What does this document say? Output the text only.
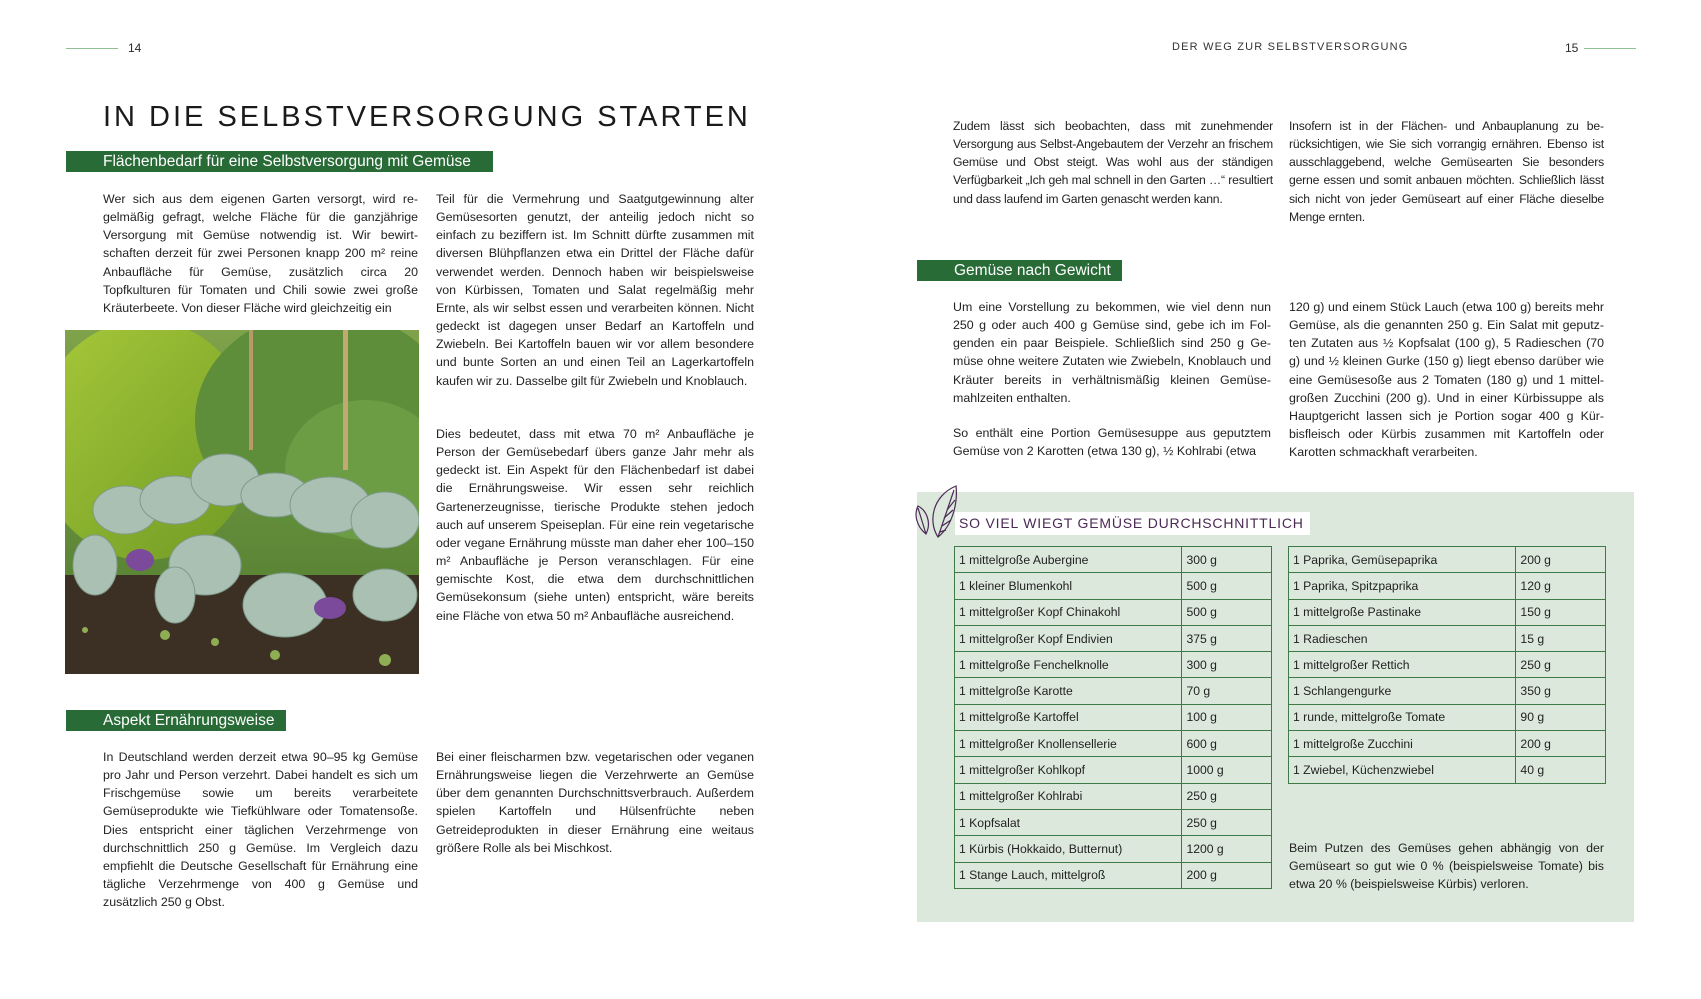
14
IN DIE SELBSTVERSORGUNG STARTEN
Flächenbedarf für eine Selbstversorgung mit Gemüse

Wer sich aus dem eigenen Garten versorgt, wird regelmäßig gefragt, welche Fläche für die ganzjährige Versorgung mit Gemüse notwendig ist. Wir bewirtschaften derzeit für zwei Personen knapp 200 m² reine Anbaufläche für Gemüse, zusätzlich circa 20 Topfkulturen für Tomaten und Chili sowie zwei große Kräuterbeete. Von dieser Fläche wird gleichzeitig ein

Teil für die Vermehrung und Saatgutgewinnung alter Gemüsesorten genutzt, der anteilig jedoch nicht so einfach zu beziffern ist. Im Schnitt dürfte zusammen mit diversen Blühpflanzen etwa ein Drittel der Fläche dafür verwendet werden. Dennoch haben wir beispielsweise von Kürbissen, Tomaten und Salat regelmäßig mehr Ernte, als wir selbst essen und verarbeiten können. Nicht gedeckt ist dagegen unser Bedarf an Kartoffeln und Zwiebeln. Bei Kartoffeln bauen wir vor allem besondere und bunte Sorten an und einen Teil an Lagerkartoffeln kaufen wir zu. Dasselbe gilt für Zwiebeln und Knoblauch.

Dies bedeutet, dass mit etwa 70 m² Anbaufläche je Person der Gemüsebedarf übers ganze Jahr mehr als gedeckt ist. Ein Aspekt für den Flächenbedarf ist dabei die Ernährungsweise. Wir essen sehr reichlich Gartenerzeugnisse, tierische Produkte stehen jedoch auch auf unserem Speiseplan. Für eine rein vegetarische oder vegane Ernährung müsste man daher eher 100–150 m² Anbaufläche je Person veranschlagen. Für eine gemischte Kost, die etwa dem durchschnittlichen Gemüsekonsum (siehe unten) entspricht, wäre bereits eine Fläche von etwa 50 m² Anbaufläche ausreichend.

Aspekt Ernährungsweise

In Deutschland werden derzeit etwa 90–95 kg Gemüse pro Jahr und Person verzehrt. Dabei handelt es sich um Frischgemüse sowie um bereits verarbeitete Gemüseprodukte wie Tiefkühlware oder Tomatensoße. Dies entspricht einer täglichen Verzehrmenge von durchschnittlich 250 g Gemüse. Im Vergleich dazu empfiehlt die Deutsche Gesellschaft für Ernährung eine tägliche Verzehrmenge von 400 g Gemüse und zusätzlich 250 g Obst.

Bei einer fleischarmen bzw. vegetarischen oder veganen Ernährungsweise liegen die Verzehrwerte an Gemüse über dem genannten Durchschnittsverbrauch. Außerdem spielen Kartoffeln und Hülsenfrüchte neben Getreideprodukten in dieser Ernährung eine weitaus größere Rolle als bei Mischkost.

DER WEG ZUR SELBSTVERSORGUNG	15

Zudem lässt sich beobachten, dass mit zunehmender Versorgung aus Selbst-Angebautem der Verzehr an frischem Gemüse und Obst steigt. Was wohl aus der ständigen Verfügbarkeit „Ich geh mal schnell in den Garten …“ resultiert und dass laufend im Garten genascht werden kann.

Insofern ist in der Flächen- und Anbauplanung zu berücksichtigen, wie Sie sich vorrangig ernähren. Ebenso ist ausschlaggebend, welche Gemüsearten Sie besonders gerne essen und somit anbauen möchten. Schließlich lässt sich nicht von jeder Gemüseart auf einer Fläche dieselbe Menge ernten.

Gemüse nach Gewicht

Um eine Vorstellung zu bekommen, wie viel denn nun 250 g oder auch 400 g Gemüse sind, gebe ich im Folgenden ein paar Beispiele. Schließlich sind 250 g Gemüse ohne weitere Zutaten wie Zwiebeln, Knoblauch und Kräuter bereits in verhältnismäßig kleinen Gemüsemahlzeiten enthalten.

So enthält eine Portion Gemüsesuppe aus geputztem Gemüse von 2 Karotten (etwa 130 g), ½ Kohlrabi (etwa

120 g) und einem Stück Lauch (etwa 100 g) bereits mehr Gemüse, als die genannten 250 g. Ein Salat mit geputzten Zutaten aus ½ Kopfsalat (100 g), 5 Radieschen (70 g) und ½ kleinen Gurke (150 g) liegt ebenso darüber wie eine Gemüsesoße aus 2 Tomaten (180 g) und 1 mittelgroßen Zucchini (200 g). Und in einer Kürbissuppe als Hauptgericht lassen sich je Portion sogar 400 g Kürbisfleisch oder Kürbis zusammen mit Kartoffeln oder Karotten schmackhaft verarbeiten.

SO VIEL WIEGT GEMÜSE DURCHSCHNITTLICH
1 mittelgroße Aubergine	300 g
1 kleiner Blumenkohl	500 g
1 mittelgroßer Kopf Chinakohl	500 g
1 mittelgroßer Kopf Endivien	375 g
1 mittelgroße Fenchelknolle	300 g
1 mittelgroße Karotte	70 g
1 mittelgroße Kartoffel	100 g
1 mittelgroßer Knollensellerie	600 g
1 mittelgroßer Kohlkopf	1000 g
1 mittelgroßer Kohlrabi	250 g
1 Kopfsalat	250 g
1 Kürbis (Hokkaido, Butternut)	1200 g
1 Stange Lauch, mittelgroß	200 g
1 Paprika, Gemüsepaprika	200 g
1 Paprika, Spitzpaprika	120 g
1 mittelgroße Pastinake	150 g
1 Radieschen	15 g
1 mittelgroßer Rettich	250 g
1 Schlangengurke	350 g
1 runde, mittelgroße Tomate	90 g
1 mittelgroße Zucchini	200 g
1 Zwiebel, Küchenzwiebel	40 g

Beim Putzen des Gemüses gehen abhängig von der Gemüseart so gut wie 0 % (beispielsweise Tomate) bis etwa 20 % (beispielsweise Kürbis) verloren.
